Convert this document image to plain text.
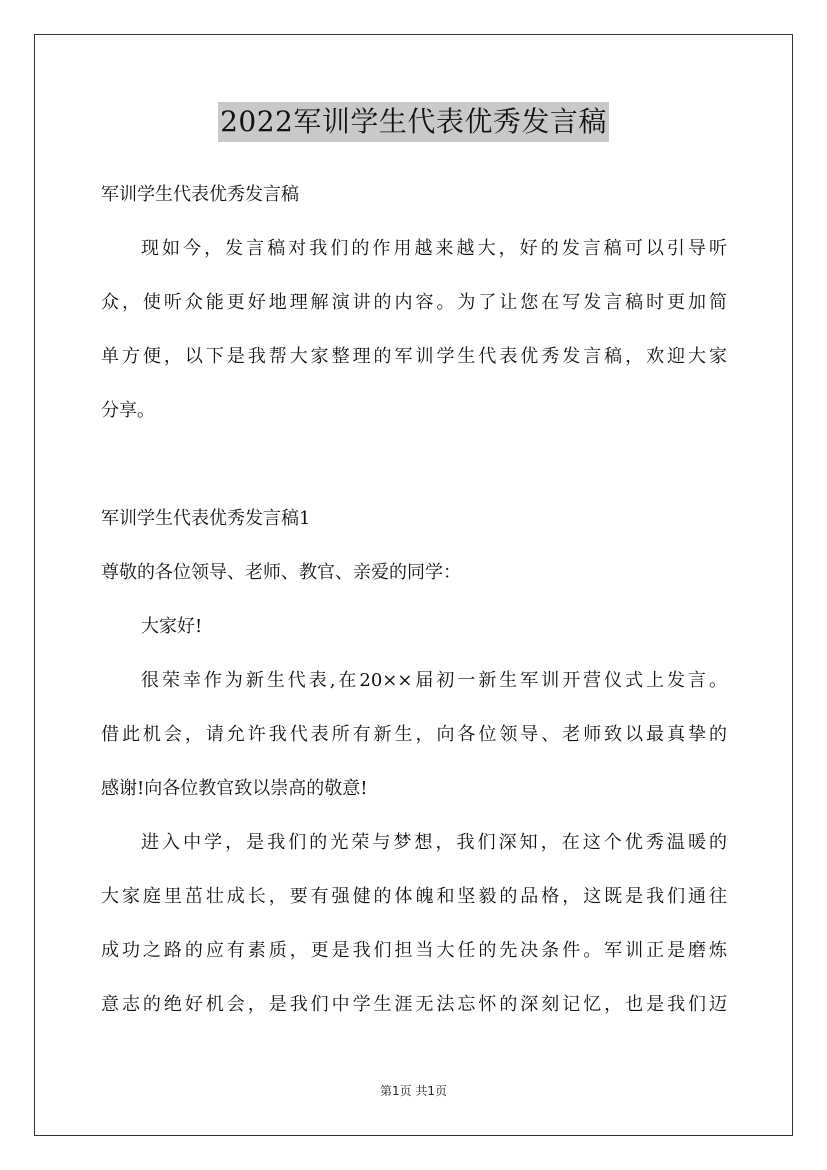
2022军训学生代表优秀发言稿
军训学生代表优秀发言稿
现如今，发言稿对我们的作用越来越大，好的发言稿可以引导听
众，使听众能更好地理解演讲的内容。为了让您在写发言稿时更加简
单方便，以下是我帮大家整理的军训学生代表优秀发言稿，欢迎大家
分享。
军训学生代表优秀发言稿1
尊敬的各位领导、老师、教官、亲爱的同学：
大家好!
很荣幸作为新生代表,在20××届初一新生军训开营仪式上发言。
借此机会，请允许我代表所有新生，向各位领导、老师致以最真挚的
感谢!向各位教官致以崇高的敬意!
进入中学，是我们的光荣与梦想，我们深知，在这个优秀温暖的
大家庭里茁壮成长，要有强健的体魄和坚毅的品格，这既是我们通往
成功之路的应有素质，更是我们担当大任的先决条件。军训正是磨炼
意志的绝好机会，是我们中学生涯无法忘怀的深刻记忆，也是我们迈
第1页 共1页
